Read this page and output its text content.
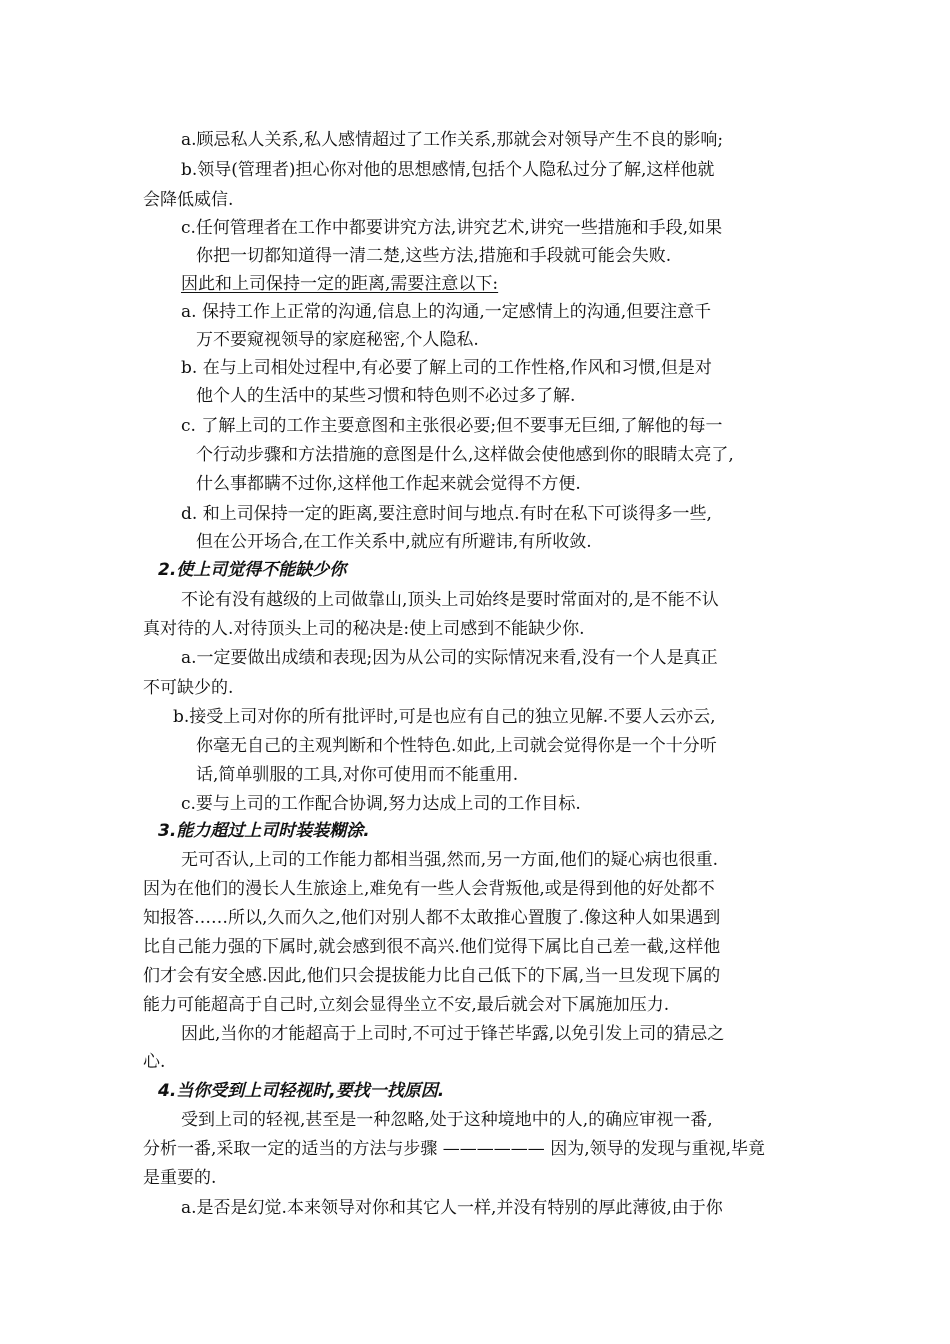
a.顾忌私人关系,私人感情超过了工作关系,那就会对领导产生不良的影响;
b.领导(管理者)担心你对他的思想感情,包括个人隐私过分了解,这样他就
会降低威信.
c.任何管理者在工作中都要讲究方法,讲究艺术,讲究一些措施和手段,如果
你把一切都知道得一清二楚,这些方法,措施和手段就可能会失败.
因此和上司保持一定的距离,需要注意以下:
a. 保持工作上正常的沟通,信息上的沟通,一定感情上的沟通,但要注意千
万不要窥视领导的家庭秘密,个人隐私.
b. 在与上司相处过程中,有必要了解上司的工作性格,作风和习惯,但是对
他个人的生活中的某些习惯和特色则不必过多了解.
c. 了解上司的工作主要意图和主张很必要;但不要事无巨细,了解他的每一
个行动步骤和方法措施的意图是什么,这样做会使他感到你的眼睛太亮了,
什么事都瞒不过你,这样他工作起来就会觉得不方便.
d. 和上司保持一定的距离,要注意时间与地点.有时在私下可谈得多一些,
但在公开场合,在工作关系中,就应有所避讳,有所收敛.
2.使上司觉得不能缺少你
不论有没有越级的上司做靠山,顶头上司始终是要时常面对的,是不能不认
真对待的人.对待顶头上司的秘决是:使上司感到不能缺少你.
a.一定要做出成绩和表现;因为从公司的实际情况来看,没有一个人是真正
不可缺少的.
b.接受上司对你的所有批评时,可是也应有自己的独立见解.不要人云亦云,
你毫无自己的主观判断和个性特色.如此,上司就会觉得你是一个十分听
话,简单驯服的工具,对你可使用而不能重用.
c.要与上司的工作配合协调,努力达成上司的工作目标.
3.能力超过上司时装装糊涂.
无可否认,上司的工作能力都相当强,然而,另一方面,他们的疑心病也很重.
因为在他们的漫长人生旅途上,难免有一些人会背叛他,或是得到他的好处都不
知报答……所以,久而久之,他们对别人都不太敢推心置腹了.像这种人如果遇到
比自己能力强的下属时,就会感到很不高兴.他们觉得下属比自己差一截,这样他
们才会有安全感.因此,他们只会提拔能力比自己低下的下属,当一旦发现下属的
能力可能超高于自己时,立刻会显得坐立不安,最后就会对下属施加压力.
因此,当你的才能超高于上司时,不可过于锋芒毕露,以免引发上司的猜忌之
心.
4.当你受到上司轻视时,要找一找原因.
受到上司的轻视,甚至是一种忽略,处于这种境地中的人,的确应审视一番,
分析一番,采取一定的适当的方法与步骤 —————— 因为,领导的发现与重视,毕竟
是重要的.
a.是否是幻觉.本来领导对你和其它人一样,并没有特别的厚此薄彼,由于你
